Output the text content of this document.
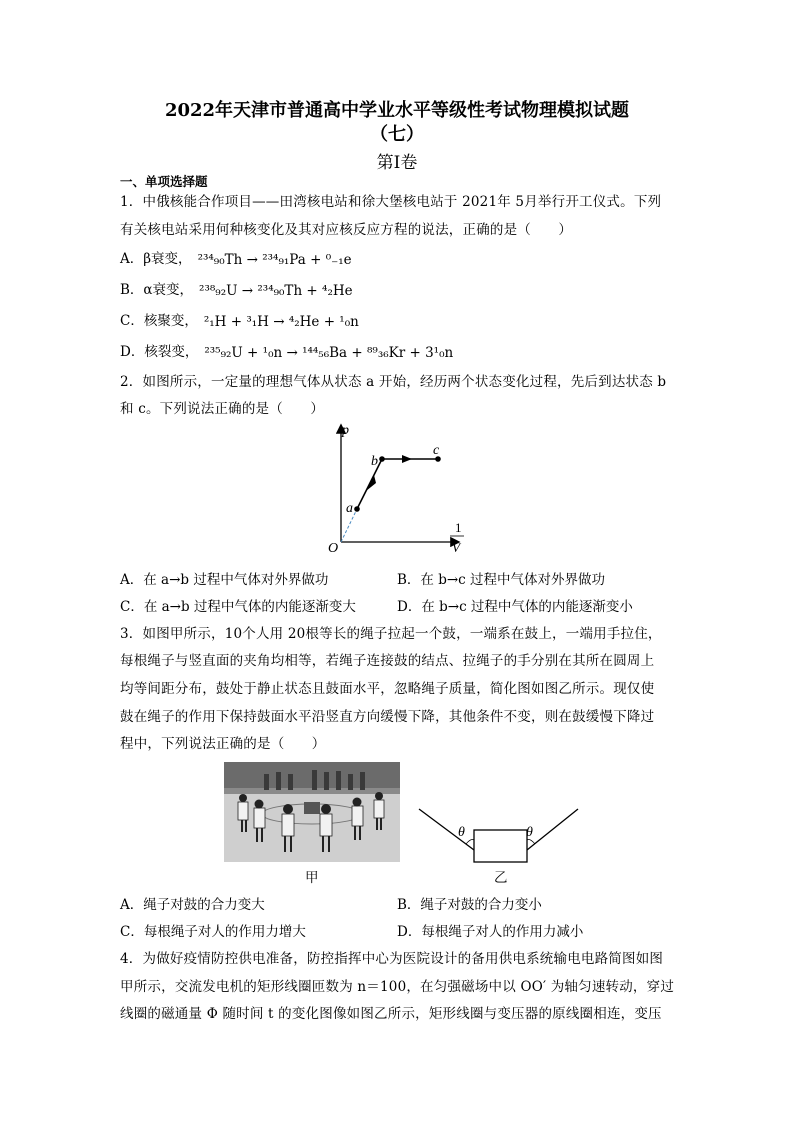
2022年天津市普通高中学业水平等级性考试物理模拟试题
（七）
第Ⅰ卷
一、单项选择题
1．中俄核能合作项目——田湾核电站和徐大堡核电站于 2021年 5月举行开工仪式。下列
有关核电站采用何种核变化及其对应核反应方程的说法，正确的是（　　）
A．β衰变， ²³⁴₉₀Th → ²³⁴₉₁Pa + ⁰₋₁e
B．α衰变， ²³⁸₉₂U → ²³⁴₉₀Th + ⁴₂He
C．核聚变， ²₁H + ³₁H → ⁴₂He + ¹₀n
D．核裂变， ²³⁵₉₂U + ¹₀n → ¹⁴⁴₅₆Ba + ⁸⁹₃₆Kr + 3¹₀n
2．如图所示，一定量的理想气体从状态 a 开始，经历两个状态变化过程，先后到达状态 b
和 c。下列说法正确的是（　　）
p
O
a
b
c
1
V
A．在 a→b 过程中气体对外界做功	B．在 b→c 过程中气体对外界做功
C．在 a→b 过程中气体的内能逐渐变大	D．在 b→c 过程中气体的内能逐渐变小
3．如图甲所示，10个人用 20根等长的绳子拉起一个鼓，一端系在鼓上，一端用手拉住，
每根绳子与竖直面的夹角均相等，若绳子连接鼓的结点、拉绳子的手分别在其所在圆周上
均等间距分布，鼓处于静止状态且鼓面水平，忽略绳子质量，简化图如图乙所示。现仅使
鼓在绳子的作用下保持鼓面水平沿竖直方向缓慢下降，其他条件不变，则在鼓缓慢下降过
程中，下列说法正确的是（　　）
甲
θ	θ
乙
A．绳子对鼓的合力变大	B．绳子对鼓的合力变小
C．每根绳子对人的作用力增大	D．每根绳子对人的作用力减小
4．为做好疫情防控供电准备，防控指挥中心为医院设计的备用供电系统输电电路简图如图
甲所示，交流发电机的矩形线圈匝数为 n＝100，在匀强磁场中以 OO′ 为轴匀速转动，穿过
线圈的磁通量 Φ 随时间 t 的变化图像如图乙所示，矩形线圈与变压器的原线圈相连，变压
